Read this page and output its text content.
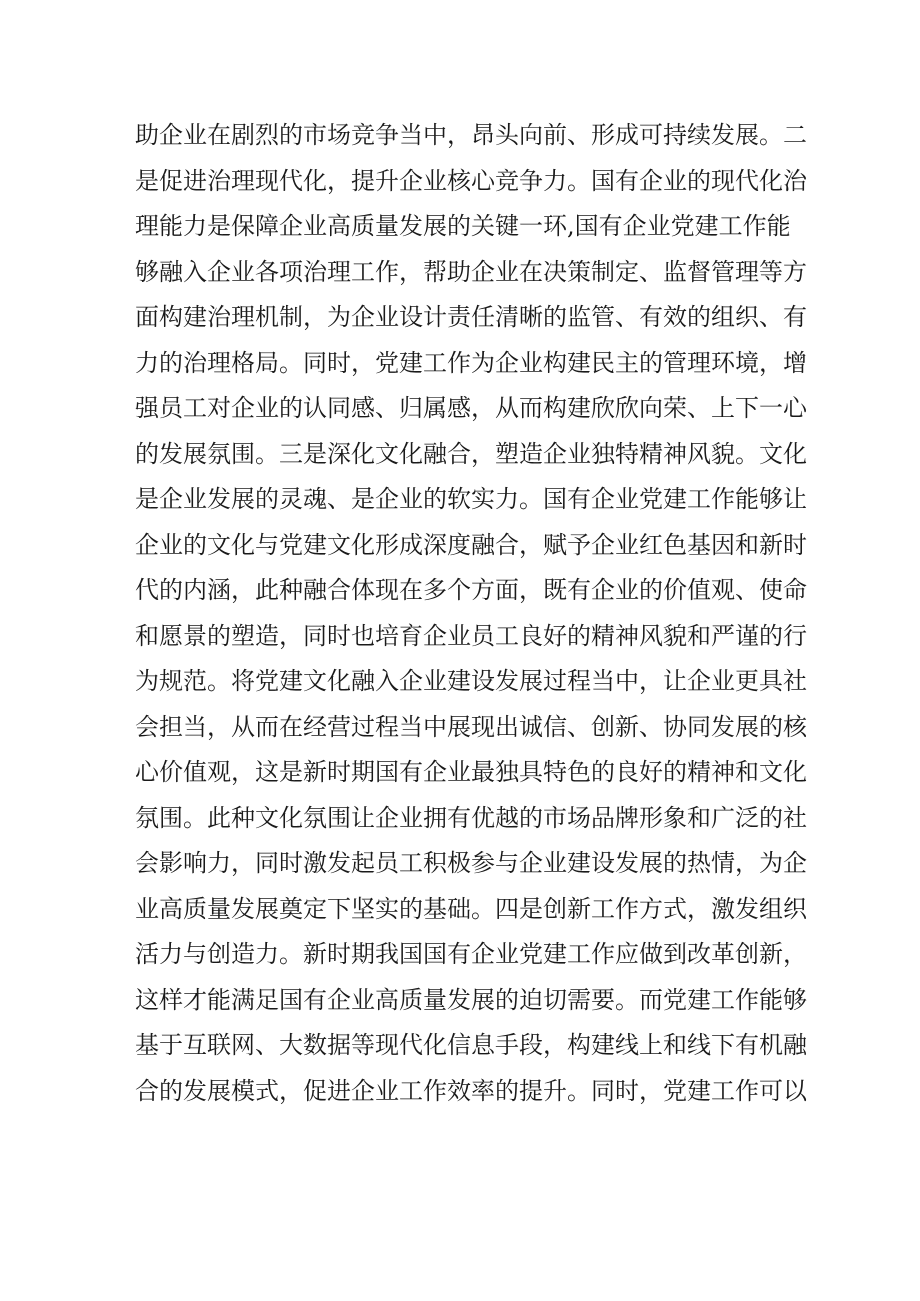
助企业在剧烈的市场竞争当中，昂头向前、形成可持续发展。二
是促进治理现代化，提升企业核心竞争力。国有企业的现代化治
理能力是保障企业高质量发展的关键一环,国有企业党建工作能
够融入企业各项治理工作，帮助企业在决策制定、监督管理等方
面构建治理机制，为企业设计责任清晰的监管、有效的组织、有
力的治理格局。同时，党建工作为企业构建民主的管理环境，增
强员工对企业的认同感、归属感，从而构建欣欣向荣、上下一心
的发展氛围。三是深化文化融合，塑造企业独特精神风貌。文化
是企业发展的灵魂、是企业的软实力。国有企业党建工作能够让
企业的文化与党建文化形成深度融合，赋予企业红色基因和新时
代的内涵，此种融合体现在多个方面，既有企业的价值观、使命
和愿景的塑造，同时也培育企业员工良好的精神风貌和严谨的行
为规范。将党建文化融入企业建设发展过程当中，让企业更具社
会担当，从而在经营过程当中展现出诚信、创新、协同发展的核
心价值观，这是新时期国有企业最独具特色的良好的精神和文化
氛围。此种文化氛围让企业拥有优越的市场品牌形象和广泛的社
会影响力，同时激发起员工积极参与企业建设发展的热情，为企
业高质量发展奠定下坚实的基础。四是创新工作方式，激发组织
活力与创造力。新时期我国国有企业党建工作应做到改革创新，
这样才能满足国有企业高质量发展的迫切需要。而党建工作能够
基于互联网、大数据等现代化信息手段，构建线上和线下有机融
合的发展模式，促进企业工作效率的提升。同时，党建工作可以
